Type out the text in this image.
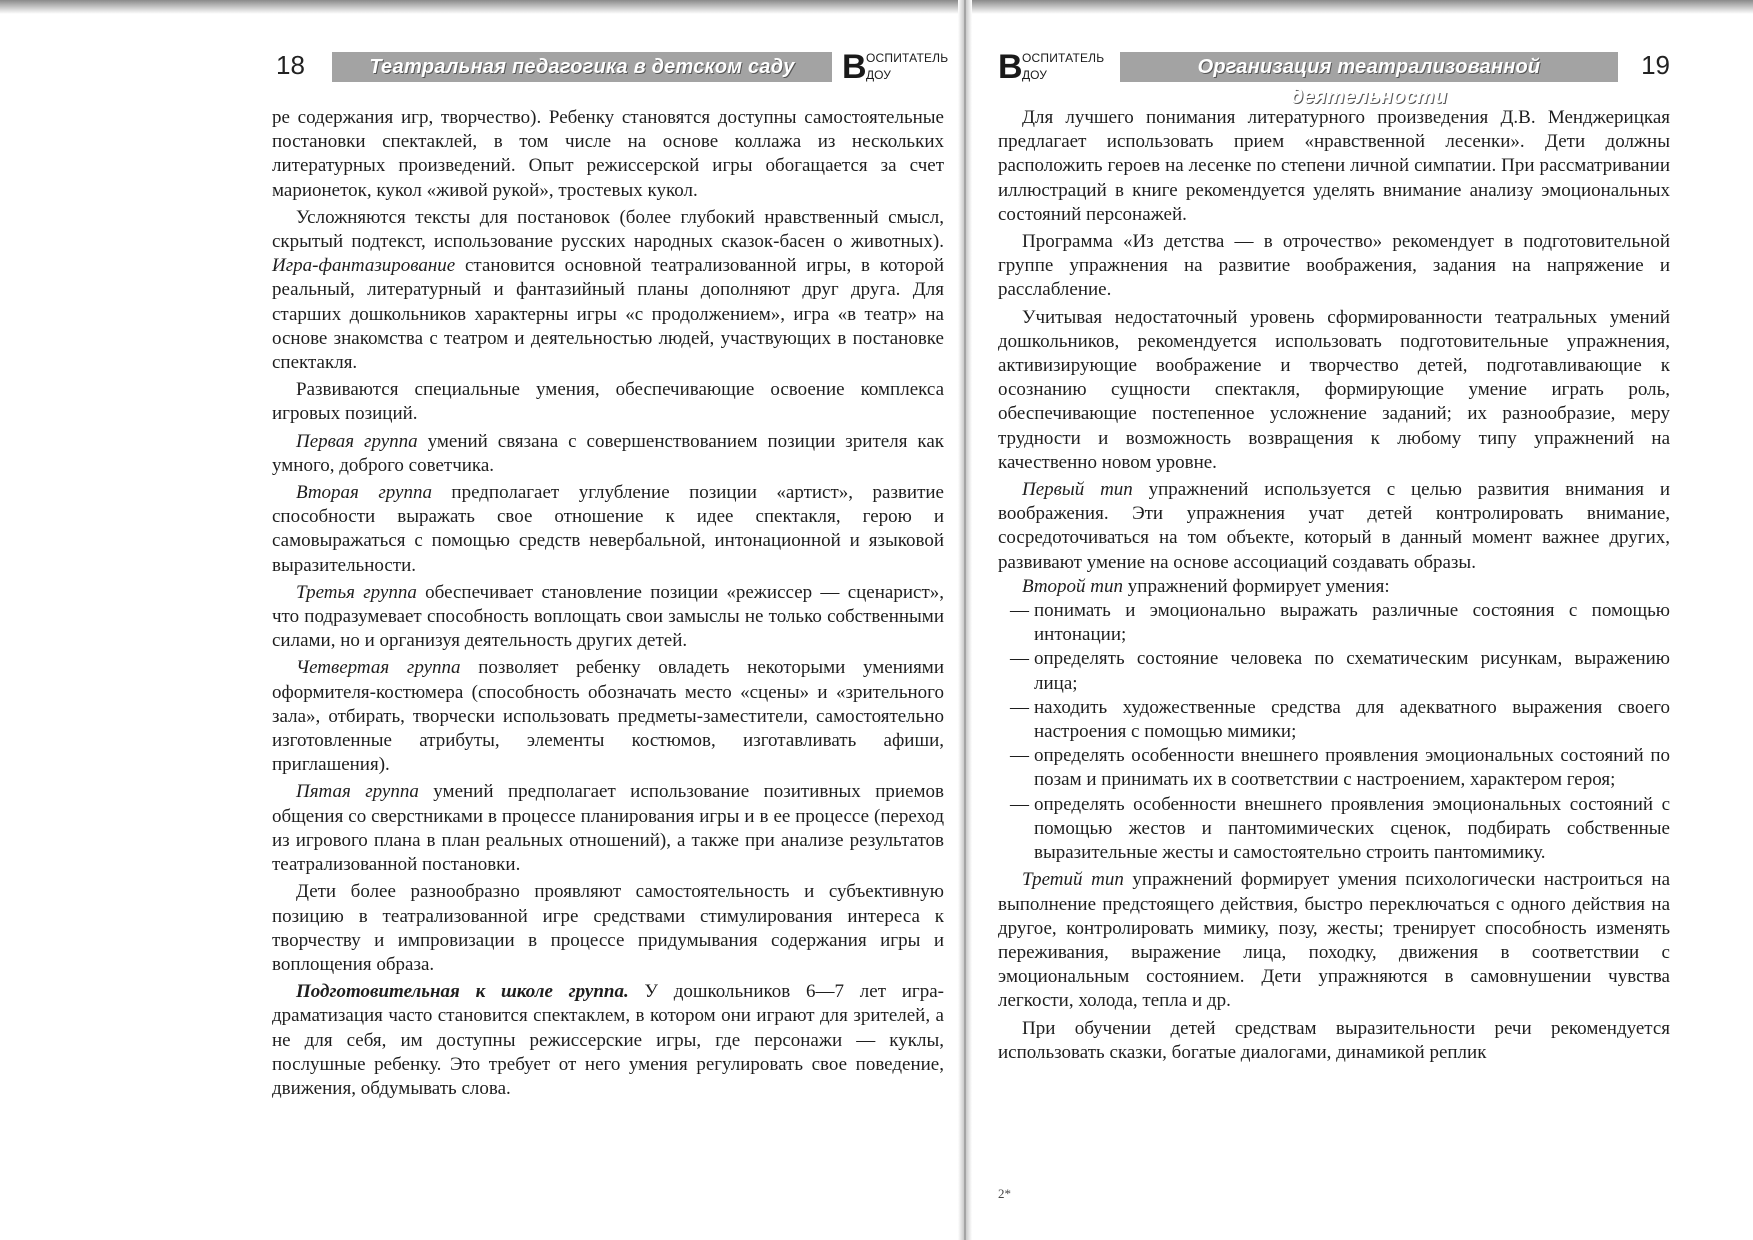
18	Театральная педагогика в детском саду	В ОСПИТАТЕЛЬ
ДОУ

ре содержания игр, творчество). Ребенку становятся доступны самостоятельные постановки спектаклей, в том числе на основе коллажа из нескольких литературных произведений. Опыт режиссерской игры обогащается за счет марионеток, кукол «живой рукой», тростевых кукол.

Усложняются тексты для постановок (более глубокий нравственный смысл, скрытый подтекст, использование русских народных сказок-басен о животных). Игра-фантазирование становится основной театрализованной игры, в которой реальный, литературный и фантазийный планы дополняют друг друга. Для старших дошкольников характерны игры «с продолжением», игра «в театр» на основе знакомства с театром и деятельностью людей, участвующих в постановке спектакля.

Развиваются специальные умения, обеспечивающие освоение комплекса игровых позиций.

Первая группа умений связана с совершенствованием позиции зрителя как умного, доброго советчика.

Вторая группа предполагает углубление позиции «артист», развитие способности выражать свое отношение к идее спектакля, герою и самовыражаться с помощью средств невербальной, интонационной и языковой выразительности.

Третья группа обеспечивает становление позиции «режиссер — сценарист», что подразумевает способность воплощать свои замыслы не только собственными силами, но и организуя деятельность других детей.

Четвертая группа позволяет ребенку овладеть некоторыми умениями оформителя-костюмера (способность обозначать место «сцены» и «зрительного зала», отбирать, творчески использовать предметы-заместители, самостоятельно изготовленные атрибуты, элементы костюмов, изготавливать афиши, приглашения).

Пятая группа умений предполагает использование позитивных приемов общения со сверстниками в процессе планирования игры и в ее процессе (переход из игрового плана в план реальных отношений), а также при анализе результатов театрализованной постановки.

Дети более разнообразно проявляют самостоятельность и субъективную позицию в театрализованной игре средствами стимулирования интереса к творчеству и импровизации в процессе придумывания содержания игры и воплощения образа.

Подготовительная к школе группа. У дошкольников 6—7 лет игра-драматизация часто становится спектаклем, в котором они играют для зрителей, а не для себя, им доступны режиссерские игры, где персонажи — куклы, послушные ребенку. Это требует от него умения регулировать свое поведение, движения, обдумывать слова.

В ОСПИТАТЕЛЬ
ДОУ	Организация театрализованной деятельности
19

Для лучшего понимания литературного произведения Д.В. Менджерицкая предлагает использовать прием «нравственной лесенки». Дети должны расположить героев на лесенке по степени личной симпатии. При рассматривании иллюстраций в книге рекомендуется уделять внимание анализу эмоциональных состояний персонажей.

Программа «Из детства — в отрочество» рекомендует в подготовительной группе упражнения на развитие воображения, задания на напряжение и расслабление.

Учитывая недостаточный уровень сформированности театральных умений дошкольников, рекомендуется использовать подготовительные упражнения, активизирующие воображение и творчество детей, подготавливающие к осознанию сущности спектакля, формирующие умение играть роль, обеспечивающие постепенное усложнение заданий; их разнообразие, меру трудности и возможность возвращения к любому типу упражнений на качественно новом уровне.

Первый тип упражнений используется с целью развития внимания и воображения. Эти упражнения учат детей контролировать внимание, сосредоточиваться на том объекте, который в данный момент важнее других, развивают умение на основе ассоциаций создавать образы.

Второй тип упражнений формирует умения:

— понимать и эмоционально выражать различные состояния с помощью интонации;
— определять состояние человека по схематическим рисункам, выражению лица;
— находить художественные средства для адекватного выражения своего настроения с помощью мимики;
— определять особенности внешнего проявления эмоциональных состояний по позам и принимать их в соответствии с настроением, характером героя;
— определять особенности внешнего проявления эмоциональных состояний с помощью жестов и пантомимических сценок, подбирать собственные выразительные жесты и самостоятельно строить пантомимику.

Третий тип упражнений формирует умения психологически настроиться на выполнение предстоящего действия, быстро переключаться с одного действия на другое, контролировать мимику, позу, жесты; тренирует способность изменять переживания, выражение лица, походку, движения в соответствии с эмоциональным состоянием. Дети упражняются в самовнушении чувства легкости, холода, тепла и др.

При обучении детей средствам выразительности речи рекомендуется использовать сказки, богатые диалогами, динамикой реплик

2*
